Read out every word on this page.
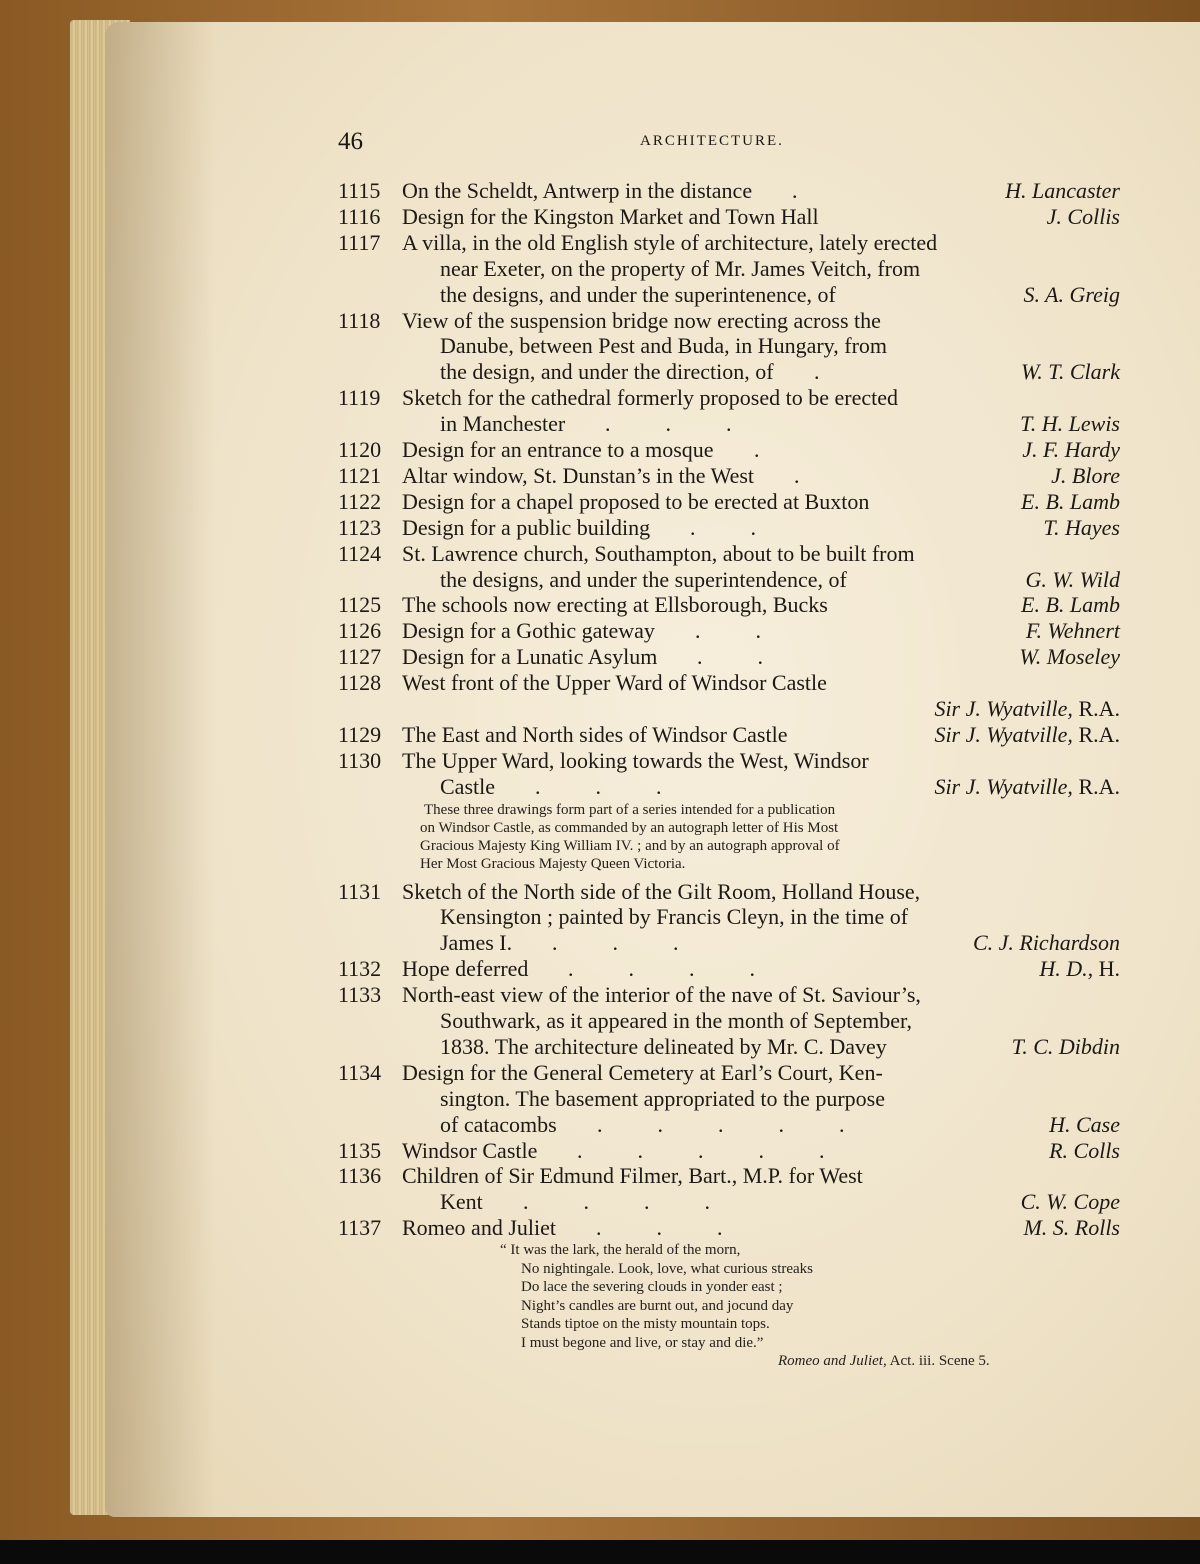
46	ARCHITECTURE.
1115 On the Scheldt, Antwerp in the distance .	H. Lancaster
1116 Design for the Kingston Market and Town Hall	J. Collis
1117 A villa, in the old English style of architecture, lately erected
near Exeter, on the property of Mr. James Veitch, from
the designs, and under the superintenence, of	S. A. Greig
1118 View of the suspension bridge now erecting across the
Danube, between Pest and Buda, in Hungary, from
the design, and under the direction, of .	W. T. Clark
1119 Sketch for the cathedral formerly proposed to be erected
in Manchester .          .          .	T. H. Lewis
1120 Design for an entrance to a mosque .	J. F. Hardy
1121 Altar window, St. Dunstan’s in the West .	J. Blore
1122 Design for a chapel proposed to be erected at Buxton	E. B. Lamb
1123 Design for a public building .          .	T. Hayes
1124 St. Lawrence church, Southampton, about to be built from
the designs, and under the superintendence, of	G. W. Wild
1125 The schools now erecting at Ellsborough, Bucks	E. B. Lamb
1126 Design for a Gothic gateway .          .	F. Wehnert
1127 Design for a Lunatic Asylum .          .	W. Moseley
1128 West front of the Upper Ward of Windsor Castle
Sir J. Wyatville, R.A.
1129 The East and North sides of Windsor Castle	Sir J. Wyatville, R.A.
1130 The Upper Ward, looking towards the West, Windsor
Castle .          .          .	Sir J. Wyatville, R.A.
1131 Sketch of the North side of the Gilt Room, Holland House,
Kensington ; painted by Francis Cleyn, in the time of
James I. .          .          .	C. J. Richardson
1132 Hope deferred .          .          .          .	H. D., H.
1133 North-east view of the interior of the nave of St. Saviour’s,
Southwark, as it appeared in the month of September,
1838. The architecture delineated by Mr. C. Davey	T. C. Dibdin
1134 Design for the General Cemetery at Earl’s Court, Ken-
sington. The basement appropriated to the purpose
of catacombs .          .          .          .          .	H. Case
1135 Windsor Castle .          .          .          .          .	R. Colls
1136 Children of Sir Edmund Filmer, Bart., M.P. for West
Kent .          .          .          .	C. W. Cope
1137 Romeo and Juliet .          .          .	M. S. Rolls
These three drawings form part of a series intended for a publication
on Windsor Castle, as commanded by an autograph letter of His Most
Gracious Majesty King William IV. ; and by an autograph approval of
Her Most Gracious Majesty Queen Victoria.
“ It was the lark, the herald of the morn,
No nightingale. Look, love, what curious streaks
Do lace the severing clouds in yonder east ;
Night’s candles are burnt out, and jocund day
Stands tiptoe on the misty mountain tops.
I must begone and live, or stay and die.”
Romeo and Juliet, Act. iii. Scene 5.
